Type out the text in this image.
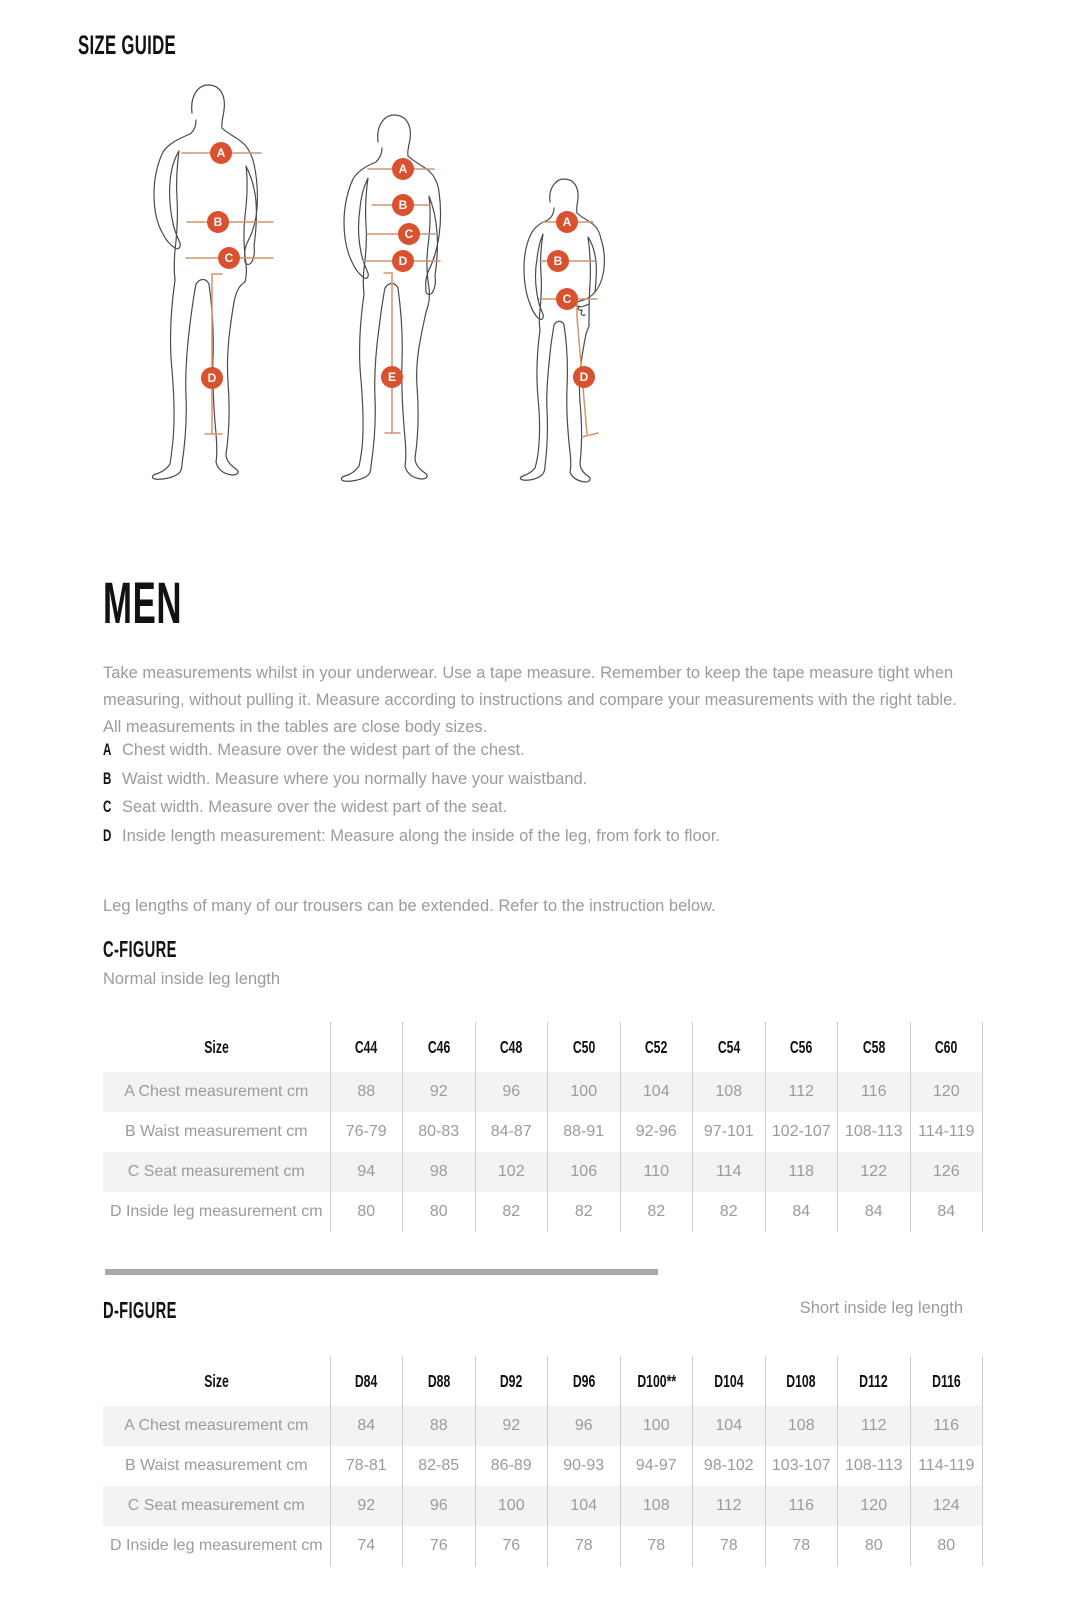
SIZE GUIDE
A
B
C
D
A
B
C
D
E
A
B
C
D
MEN
Take measurements whilst in your underwear. Use a tape measure. Remember to keep the tape measure tight when measuring, without pulling it. Measure according to instructions and compare your measurements with the right table. All measurements in the tables are close body sizes.
A Chest width. Measure over the widest part of the chest.
B Waist width. Measure where you normally have your waistband.
C Seat width. Measure over the widest part of the seat.
D Inside length measurement: Measure along the inside of the leg, from fork to floor.
Leg lengths of many of our trousers can be extended. Refer to the instruction below.
C-FIGURE
Normal inside leg length
Size	C44	C46	C48	C50	C52	C54	C56	C58	C60
A Chest measurement cm	88	92	96	100	104	108	112	116	120
B Waist measurement cm	76-79	80-83	84-87	88-91	92-96	97-101	102-107	108-113	114-119
C Seat measurement cm	94	98	102	106	110	114	118	122	126
D Inside leg measurement cm	80	80	82	82	82	82	84	84	84
D-FIGURE	Short inside leg length
Size	D84	D88	D92	D96	D100**	D104	D108	D112	D116
A Chest measurement cm	84	88	92	96	100	104	108	112	116
B Waist measurement cm	78-81	82-85	86-89	90-93	94-97	98-102	103-107	108-113	114-119
C Seat measurement cm	92	96	100	104	108	112	116	120	124
D Inside leg measurement cm	74	76	76	78	78	78	78	80	80
